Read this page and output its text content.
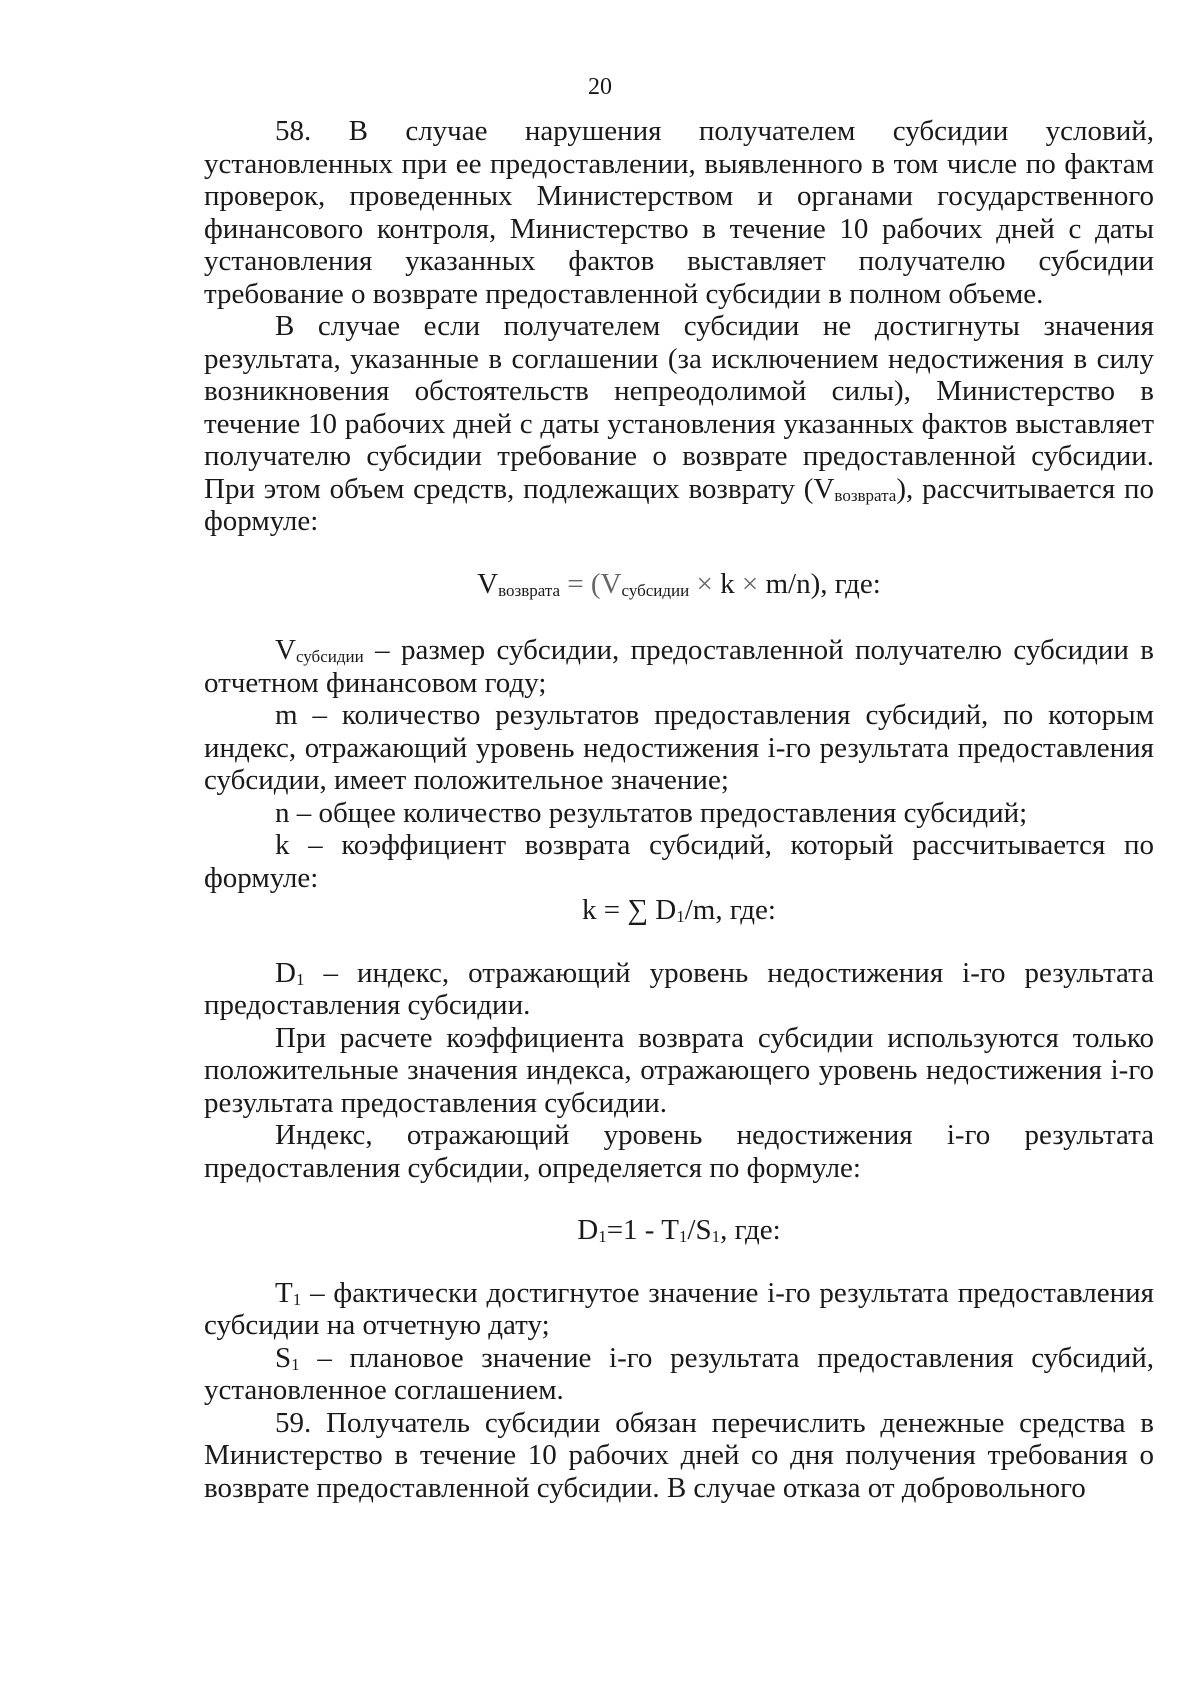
20

58. В случае нарушения получателем субсидии условий, установленных при ее предоставлении, выявленного в том числе по фактам проверок, проведенных Министерством и органами государственного финансового контроля, Министерство в течение 10 рабочих дней с даты установления указанных фактов выставляет получателю субсидии требование о возврате предоставленной субсидии в полном объеме.

В случае если получателем субсидии не достигнуты значения результата, указанные в соглашении (за исключением недостижения в силу возникновения обстоятельств непреодолимой силы), Министерство в течение 10 рабочих дней с даты установления указанных фактов выставляет получателю субсидии требование о возврате предоставленной субсидии. При этом объем средств, подлежащих возврату (Vвозврата), рассчитывается по формуле:

Vвозврата = (Vсубсидии × k × m/n), где:

Vсубсидии – размер субсидии, предоставленной получателю субсидии в отчетном финансовом году;

m – количество результатов предоставления субсидий, по которым индекс, отражающий уровень недостижения i-го результата предоставления субсидии, имеет положительное значение;

n – общее количество результатов предоставления субсидий;

k – коэффициент возврата субсидий, который рассчитывается по формуле:

k = ∑ D1/m, где:

D1 – индекс, отражающий уровень недостижения i-го результата предоставления субсидии.

При расчете коэффициента возврата субсидии используются только положительные значения индекса, отражающего уровень недостижения i-го результата предоставления субсидии.

Индекс, отражающий уровень недостижения i-го результата предоставления субсидии, определяется по формуле:

D1=1 - T1/S1, где:

T1 – фактически достигнутое значение i-го результата предоставления субсидии на отчетную дату;

S1 – плановое значение i-го результата предоставления субсидий, установленное соглашением.

59. Получатель субсидии обязан перечислить денежные средства в Министерство в течение 10 рабочих дней со дня получения требования о возврате предоставленной субсидии. В случае отказа от добровольного
